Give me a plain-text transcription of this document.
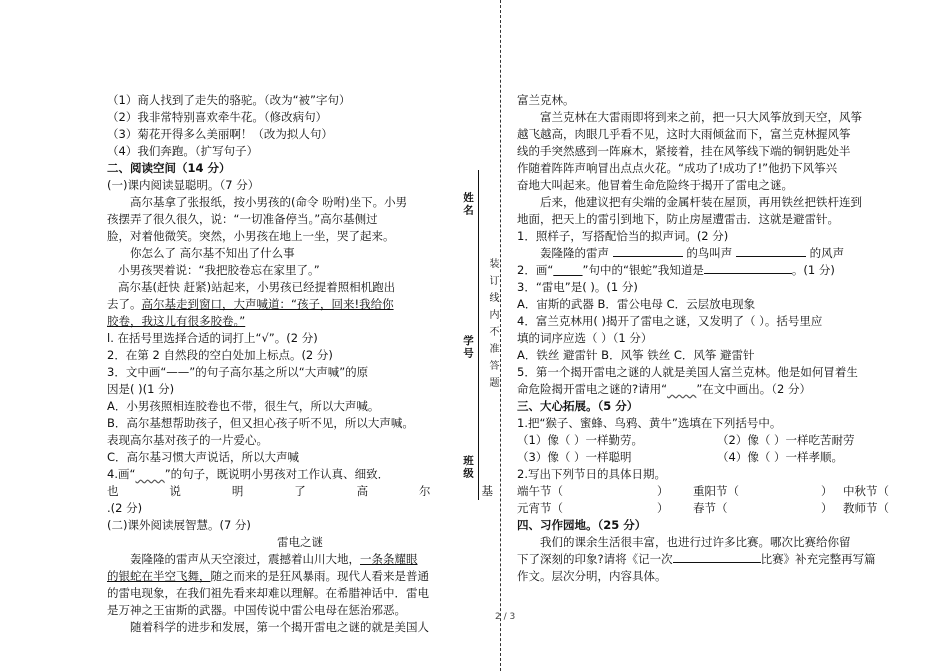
（1）商人找到了走失的骆驼。（改为“被”字句）
（2）我非常特别喜欢牵牛花。（修改病句）
（3）菊花开得多么美丽啊！（改为拟人句）
（4）我们奔跑。（扩写句子）
二、阅读空间（14 分）
(一)课内阅读显聪明。（7 分）
高尔基拿了张报纸，按小男孩的(命令 吩咐)坐下。小男
孩摆弄了很久很久，说：“一切准备停当。”高尔基侧过
脸，对着他微笑。突然，小男孩在地上一坐，哭了起来。
你怎么了 高尔基不知出了什么事
小男孩哭着说：“我把胶卷忘在家里了。”
高尔基(赶快 赶紧)站起来，小男孩已经提着照相机跑出
去了。高尔基走到窗口，大声喊道：“孩子，回来!我给你
胶卷，我这儿有很多胶卷。”
l. 在括号里选择合适的词打上“√”。(2 分)
2．在第 2 自然段的空白处加上标点。(2 分)
3．文中画“——”的句子高尔基之所以“大声喊”的原
因是( )(1 分)
A．小男孩照相连胶卷也不带，很生气，所以大声喊。
B．高尔基想帮助孩子，但又担心孩子听不见，所以大声喊。
表现高尔基对孩子的一片爱心。
C．高尔基习惯大声说话，所以大声喊
4.画“	”的句子，既说明小男孩对工作认真、细致．
也	说	明	了	高	尔	基
.(2 分)
(二)课外阅读展智慧。(7 分)
雷电之谜
轰隆隆的雷声从天空滚过，震撼着山川大地，一条条耀眼
的银蛇在半空飞舞，随之而来的是狂风暴雨。现代人看来是普通
的雷电现象，在我们祖先看来却难以理解。在希腊神话中．雷电
是万神之王宙斯的武器。中国传说中雷公电母在惩治邪恶。
随着科学的进步和发展，第一个揭开雷电之谜的就是美国人
姓名
学号
班级
装订线内不准答题
富兰克林。
富兰克林在大雷雨即将到来之前，把一只大风筝放到天空，风筝
越飞越高，肉眼几乎看不见，这时大雨倾盆而下，富兰克林握风筝
线的手突然感到一阵麻木，紧接着，挂在风筝线下端的铜钥匙处半
作随着阵阵声响冒出点点火花。“成功了!成功了!”他扔下风筝兴
奋地大叫起来。他冒着生命危险终于揭开了雷电之谜。
后来，他建议把有尖端的金属杆装在屋顶，再用铁丝把铁杆连到
地面，把天上的雷引到地下，防止房屋遭雷击．这就是避雷针。
1．照样子，写搭配恰当的拟声词。(2 分)
轰隆隆的雷声	的鸟叫声	的风声
2．画“	”句中的“银蛇”我知道是	。(1 分)
3．“雷电”是( )。(1 分)
A．宙斯的武器 B．雷公电母 C．云层放电现象
4．富兰克林用( )揭开了雷电之谜，又发明了（ ）。括号里应
填的词序应选（ ）（1 分）
A．铁丝 避雷针 B．风筝 铁丝 C．风筝 避雷针
5．第一个揭开雷电之谜的人就是美国人富兰克林。他是如何冒着生
命危险揭开雷电之谜的?请用“	”在文中画出。（2 分）
三、大心拓展。（5 分）
1.把“猴子、蜜蜂、鸟鸦、黄牛”选填在下列括号中。
（1）像（ ）一样勤劳。	（2）像（ ）一样吃苦耐劳
（3）像（ ）一样聪明	（4）像（ ）一样孝顺。
2.写出下列节日的具体日期。
端午节（	）	重阳节（	） 中秋节（
元宵节（	）	春节（	） 教师节（
四、习作园地。（25 分）
我们的课余生活很丰富，也进行过许多比赛。哪次比赛给你留
下了深刻的印象?请将《记一次	比赛》补充完整再写篇
作文。层次分明，内容具体。
2 / 3
